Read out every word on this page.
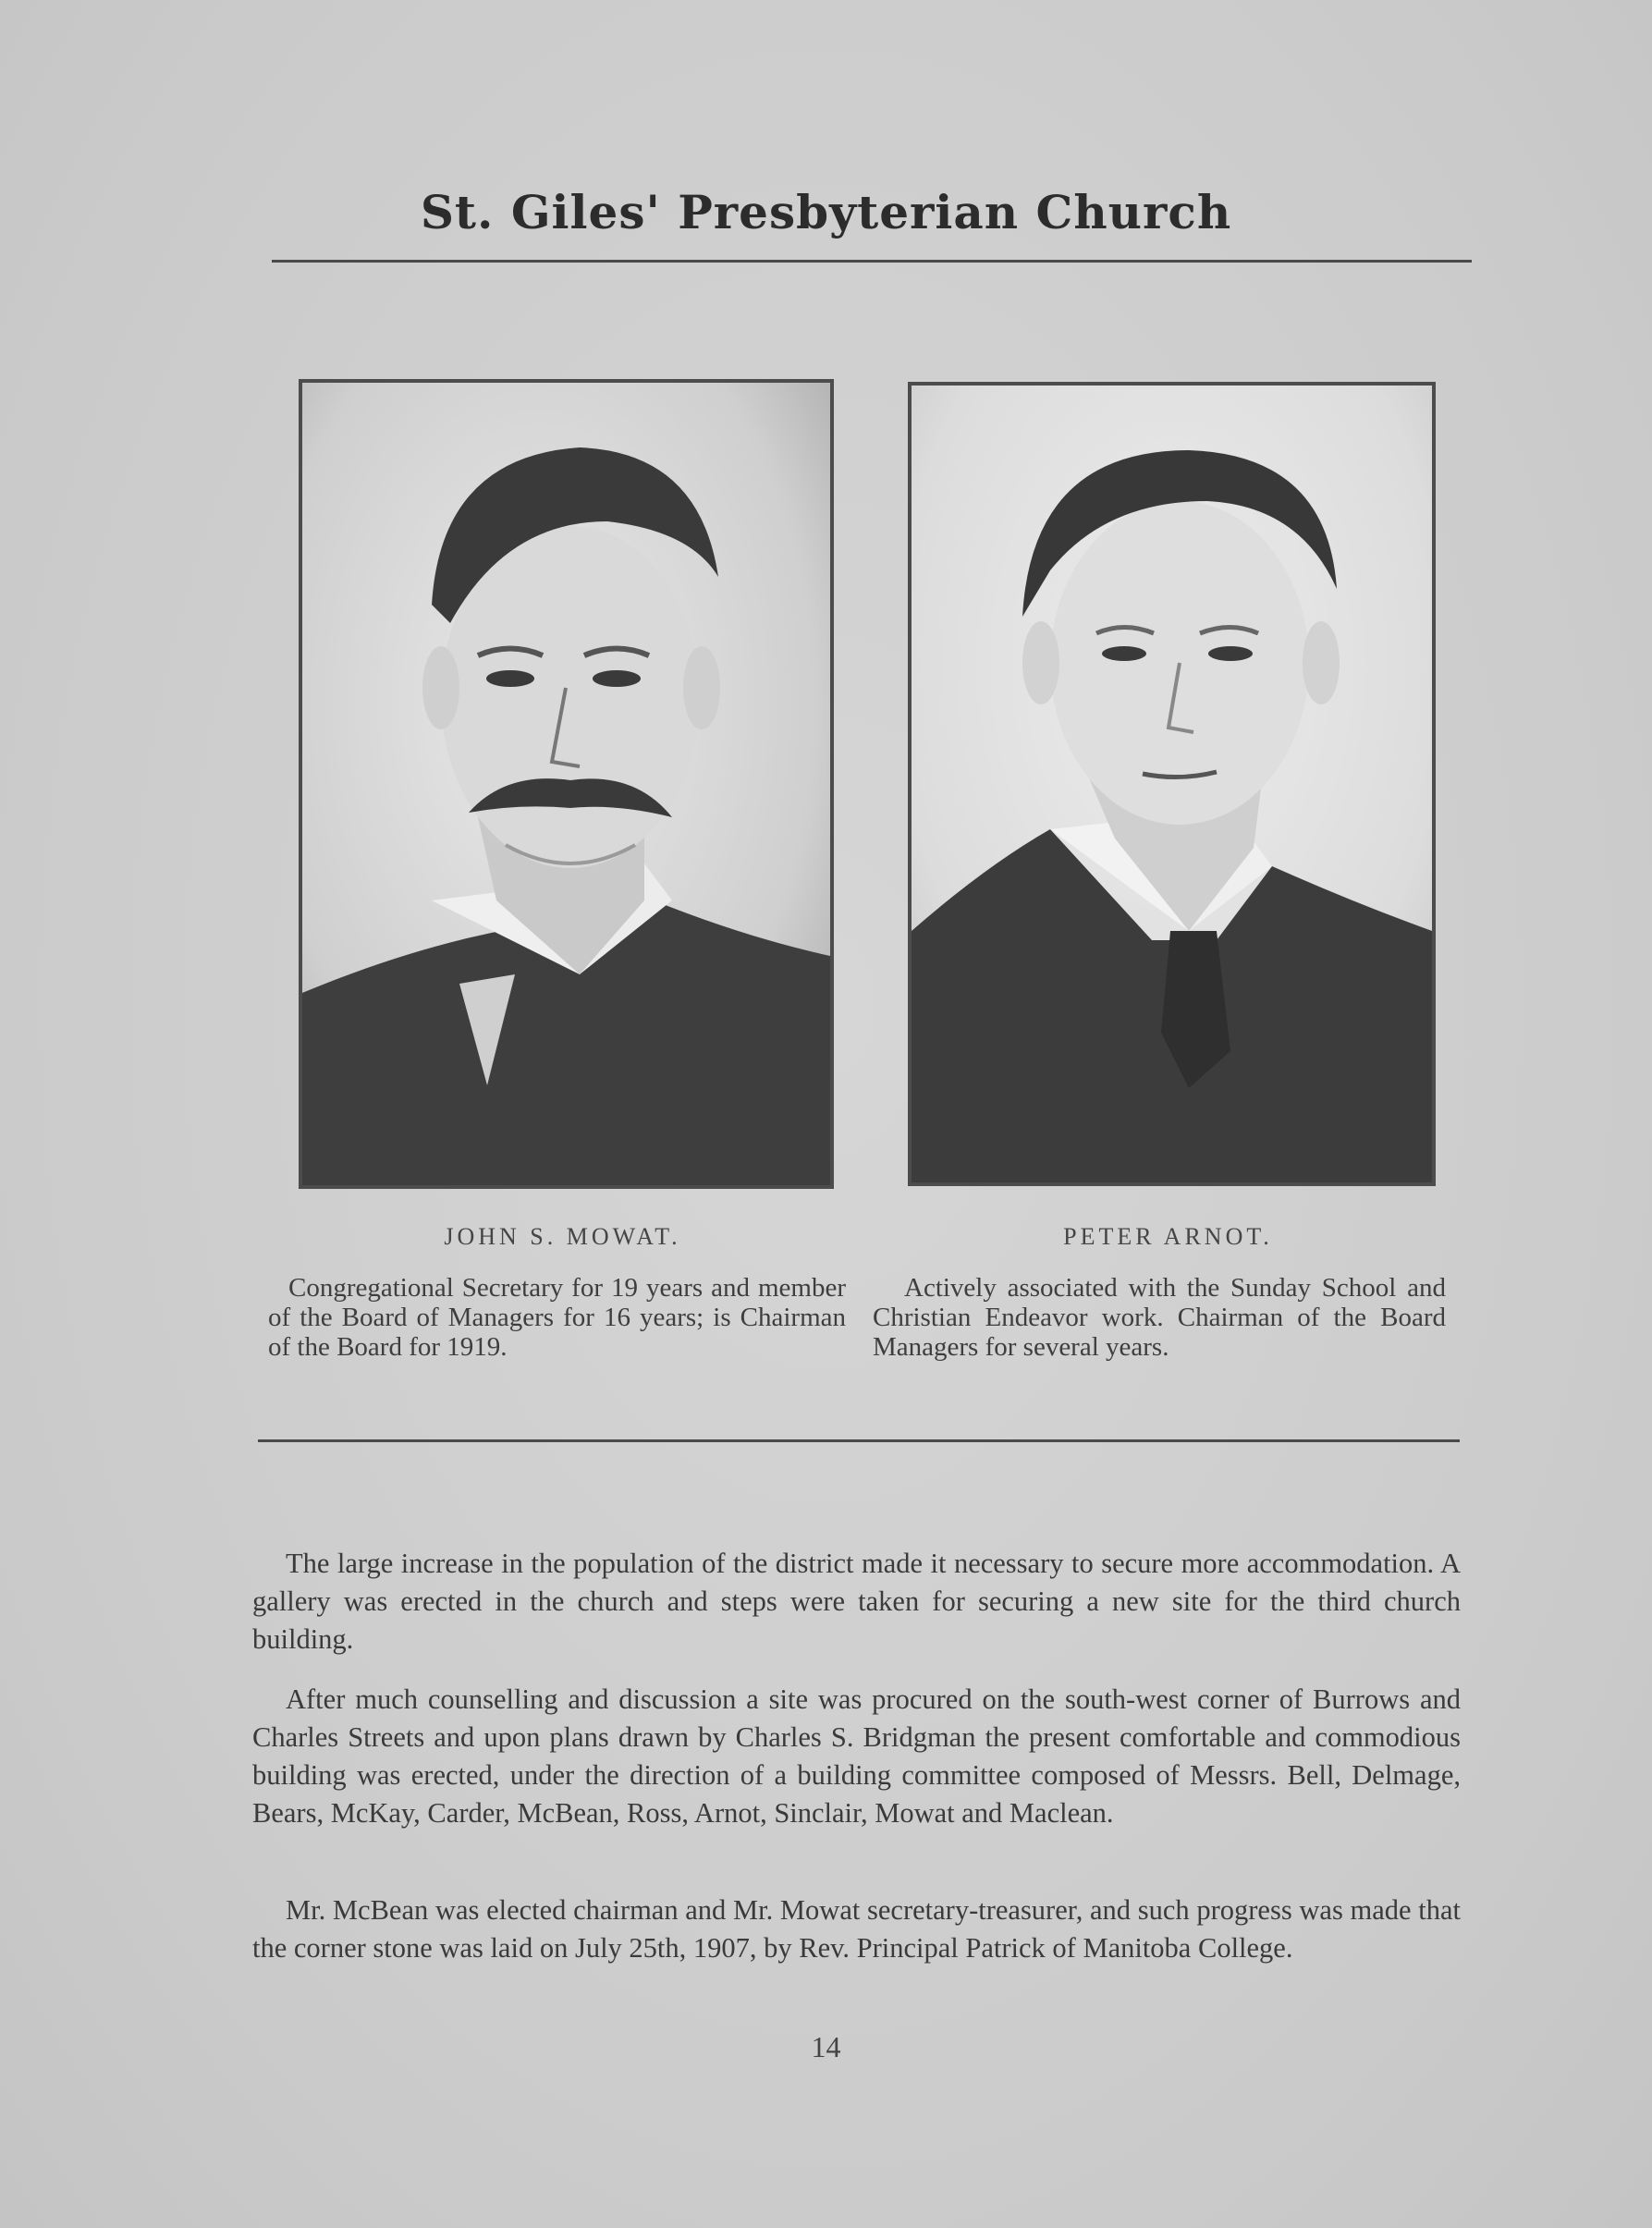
St. Giles' Presbyterian Church
JOHN S. MOWAT.	PETER ARNOT.
Congregational Secretary for 19 years and member of the Board of Managers for 16 years; is Chairman of the Board for 1919.
Actively associated with the Sunday School and Christian Endeavor work. Chairman of the Board Managers for several years.

The large increase in the population of the district made it necessary to secure more accommodation. A gallery was erected in the church and steps were taken for securing a new site for the third church building.

After much counselling and discussion a site was procured on the south-west corner of Burrows and Charles Streets and upon plans drawn by Charles S. Bridgman the present comfortable and commodious building was erected, under the direction of a building committee composed of Messrs. Bell, Delmage, Bears, McKay, Carder, McBean, Ross, Arnot, Sinclair, Mowat and Maclean.

Mr. McBean was elected chairman and Mr. Mowat secretary-treasurer, and such progress was made that the corner stone was laid on July 25th, 1907, by Rev. Principal Patrick of Manitoba College.

14
